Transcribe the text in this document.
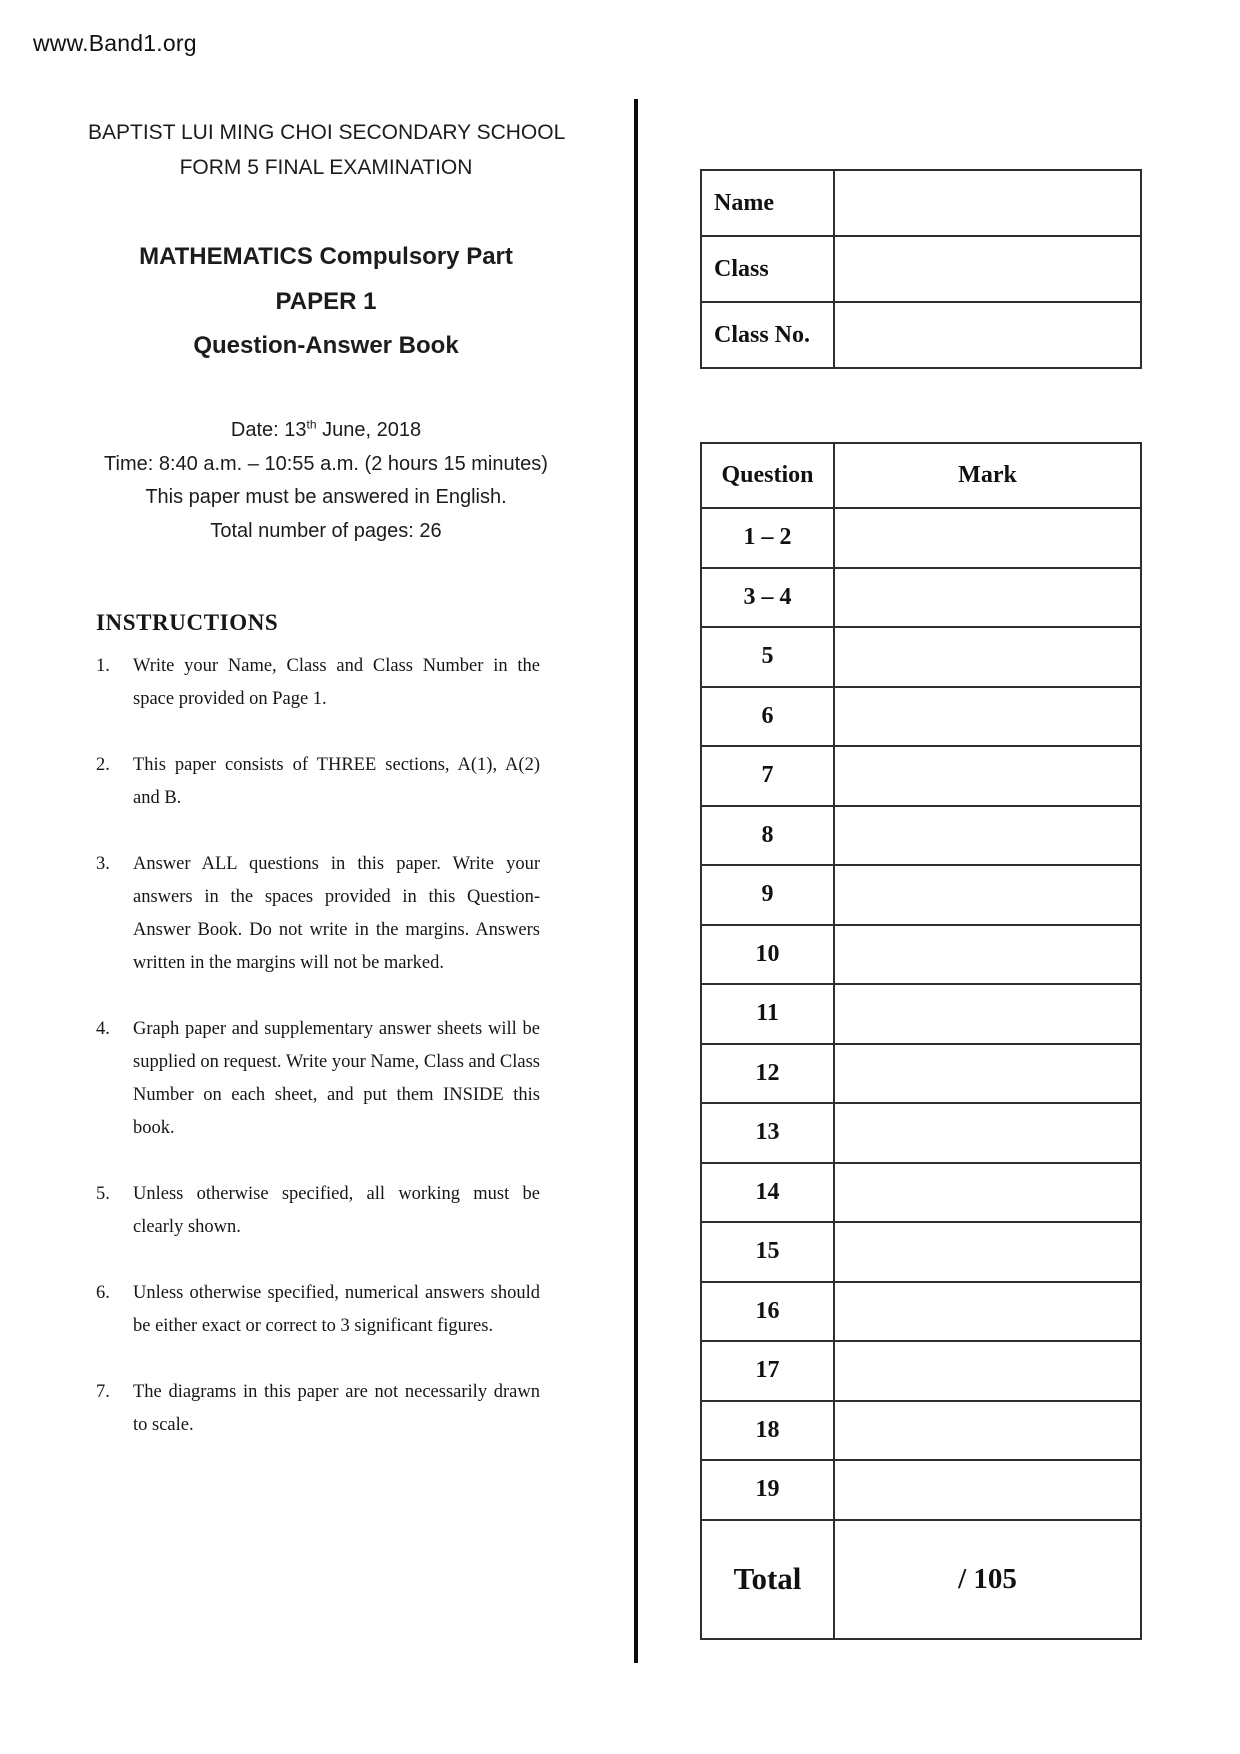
www.Band1.org
BAPTIST LUI MING CHOI SECONDARY SCHOOL
FORM 5 FINAL EXAMINATION
MATHEMATICS Compulsory Part
PAPER 1
Question-Answer Book
Date: 13th June, 2018
Time: 8:40 a.m. – 10:55 a.m. (2 hours 15 minutes)
This paper must be answered in English.
Total number of pages: 26
INSTRUCTIONS
1.	Write your Name, Class and Class Number in the space provided on Page 1.
2.	This paper consists of THREE sections, A(1), A(2) and B.
3.	Answer ALL questions in this paper. Write your answers in the spaces provided in this Question-Answer Book. Do not write in the margins. Answers written in the margins will not be marked.
4.	Graph paper and supplementary answer sheets will be supplied on request. Write your Name, Class and Class Number on each sheet, and put them INSIDE this book.
5.	Unless otherwise specified, all working must be clearly shown.
6.	Unless otherwise specified, numerical answers should be either exact or correct to 3 significant figures.
7.	The diagrams in this paper are not necessarily drawn to scale.
Name	
Class	
Class No.	
Question	Mark
1 – 2	
3 – 4	
5	
6	
7	
8	
9	
10	
11	
12	
13	
14	
15	
16	
17	
18	
19	
Total	/ 105
